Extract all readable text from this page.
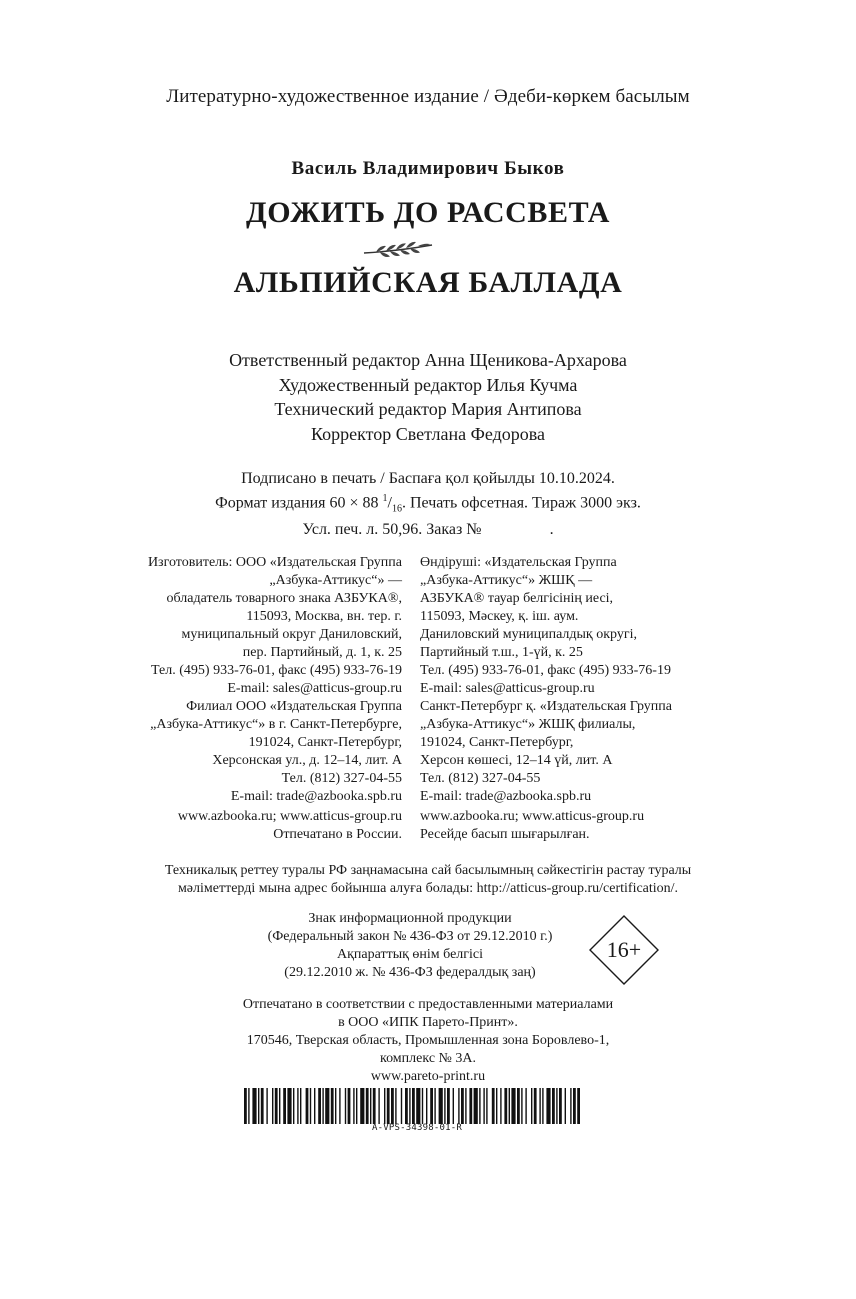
Литературно-художественное издание / Әдеби-көркем басылым
Василь Владимирович Быков
ДОЖИТЬ ДО РАССВЕТА
АЛЬПИЙСКАЯ БАЛЛАДА
Ответственный редактор Анна Щеникова-Архарова
Художественный редактор Илья Кучма
Технический редактор Мария Антипова
Корректор Светлана Федорова
Подписано в печать / Баспаға қол қойылды 10.10.2024.
Формат издания 60 × 88 $^1/_{16}$. Печать офсетная. Тираж 3000 экз.
Усл. печ. л. 50,96. Заказ №	.
Изготовитель: ООО «Издательская Группа
„Азбука-Аттикус“» —
обладатель товарного знака АЗБУКА®,
115093, Москва, вн. тер. г.
муниципальный округ Даниловский,
пер. Партийный, д. 1, к. 25
Тел. (495) 933-76-01, факс (495) 933-76-19
E-mail: sales@atticus-group.ru
Өндіруші: «Издательская Группа
„Азбука-Аттикус“» ЖШҚ —
АЗБУКА® тауар белгісінің иесі,
115093, Мәскеу, қ. іш. аум.
Даниловский муниципалдық округі,
Партийный т.ш., 1-үй, к. 25
Тел. (495) 933-76-01, факс (495) 933-76-19
E-mail: sales@atticus-group.ru
Филиал ООО «Издательская Группа
„Азбука-Аттикус“» в г. Санкт-Петербурге,
191024, Санкт-Петербург,
Херсонская ул., д. 12–14, лит. А
Тел. (812) 327-04-55
E-mail: trade@azbooka.spb.ru
Санкт-Петербург қ. «Издательская Группа
„Азбука-Аттикус“» ЖШҚ филиалы,
191024, Санкт-Петербург,
Херсон көшесі, 12–14 үй, лит. А
Тел. (812) 327-04-55
E-mail: trade@azbooka.spb.ru
www.azbooka.ru; www.atticus-group.ru
Отпечатано в России.
www.azbooka.ru; www.atticus-group.ru
Ресейде басып шығарылған.
Техникалық реттеу туралы РФ заңнамасына сай басылымның сәйкестігін растау туралы
мәліметтерді мына адрес бойынша алуға болады: http://atticus-group.ru/certification/.
Знак информационной продукции
(Федеральный закон № 436-ФЗ от 29.12.2010 г.)
Ақпараттық өнім белгісі
(29.12.2010 ж. № 436-ФЗ федералдық заң)
16+
Отпечатано в соответствии с предоставленными материалами
в ООО «ИПК Парето-Принт».
170546, Тверская область, Промышленная зона Боровлево-1,
комплекс № 3А.
www.pareto-print.ru
A-VPS-34398-01-R
